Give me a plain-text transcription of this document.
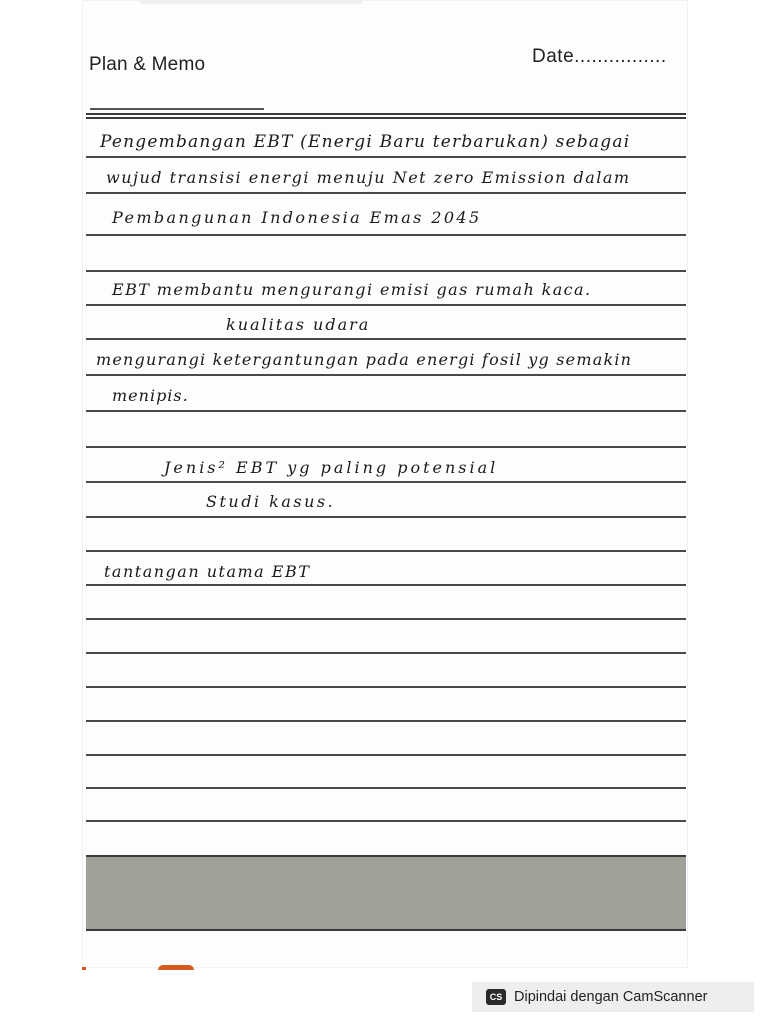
Plan & Memo	Date................
Pengembangan EBT (Energi Baru terbarukan) sebagai
wujud transisi energi menuju Net zero Emission dalam
Pembangunan Indonesia Emas 2045
EBT membantu mengurangi emisi gas rumah kaca.
kualitas udara
mengurangi ketergantungan pada energi fosil yg semakin
menipis.
Jenis² EBT yg paling potensial
Studi kasus.
tantangan utama EBT
CS Dipindai dengan CamScanner
